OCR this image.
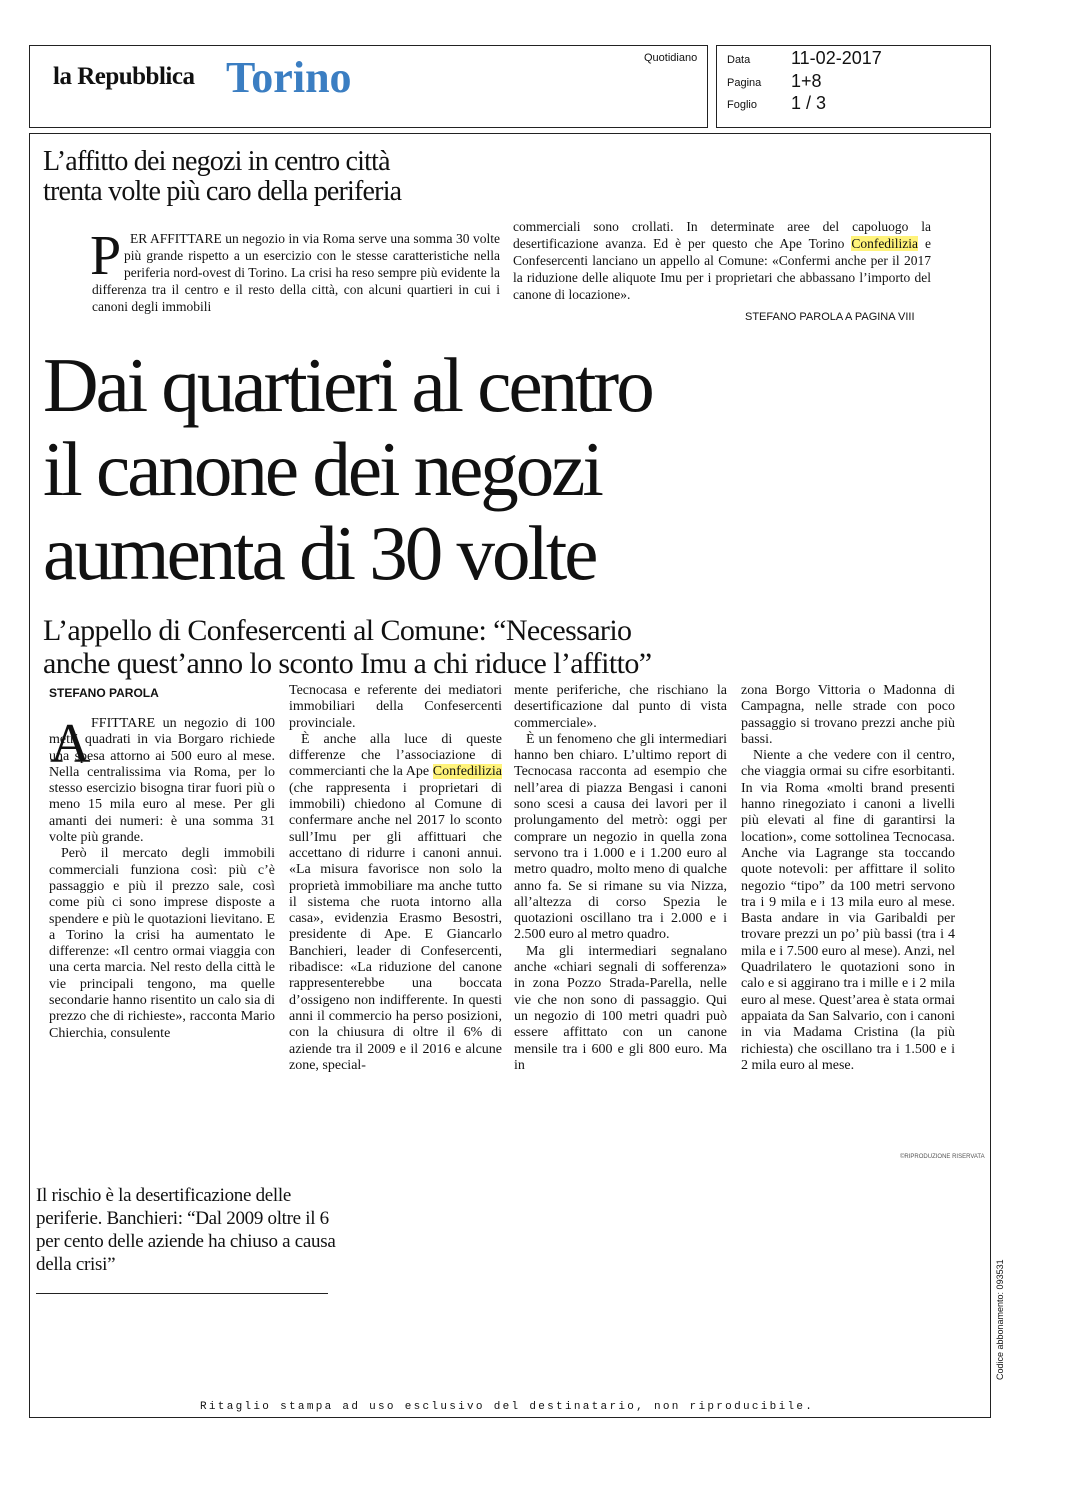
la Repubblica Torino	Quotidiano	Data 11-02-2017
Pagina 1+8
Foglio 1 / 3
L’affitto dei negozi in centro città
trenta volte più caro della periferia
P ER AFFITTARE un negozio in via Roma serve una somma 30 volte più grande rispetto a un esercizio con le stesse caratteristiche nella periferia nord-ovest di Torino. La crisi ha reso sempre più evidente la differenza tra il centro e il resto della città, con alcuni quartieri in cui i canoni degli immobili
commerciali sono crollati. In determinate aree del capoluogo la desertificazione avanza. Ed è per questo che Ape Torino Confedilizia e Confesercenti lanciano un appello al Comune: «Confermi anche per il 2017 la riduzione delle aliquote Imu per i proprietari che abbassano l’importo del canone di locazione».
STEFANO PAROLA A PAGINA VIII
Dai quartieri al centro
il canone dei negozi
aumenta di 30 volte
L’appello di Confesercenti al Comune: “Necessario
anche quest’anno lo sconto Imu a chi riduce l’affitto”
STEFANO PAROLA
A FFITTARE un negozio di 100 metri quadrati in via Borgaro richiede una spesa attorno ai 500 euro al mese. Nella centralissima via Roma, per lo stesso esercizio bisogna tirar fuori più o meno 15 mila euro al mese. Per gli amanti dei numeri: è una somma 31 volte più grande.

Però il mercato degli immobili commerciali funziona così: più c’è passaggio e più il prezzo sale, così come più ci sono imprese disposte a spendere e più le quotazioni lievitano. E a Torino la crisi ha aumentato le differenze: «Il centro ormai viaggia con una certa marcia. Nel resto della città le vie principali tengono, ma quelle secondarie hanno risentito un calo sia di prezzo che di richieste», racconta Mario Chierchia, consulente

Tecnocasa e referente dei mediatori immobiliari della Confesercenti provinciale.

È anche alla luce di queste differenze che l’associazione di commercianti che la Ape Confedilizia (che rappresenta i proprietari di immobili) chiedono al Comune di confermare anche nel 2017 lo sconto sull’Imu per gli affittuari che accettano di ridurre i canoni annui. «La misura favorisce non solo la proprietà immobiliare ma anche tutto il sistema che ruota intorno alla casa», evidenzia Erasmo Besostri, presidente di Ape. E Giancarlo Banchieri, leader di Confesercenti, ribadisce: «La riduzione del canone rappresenterebbe una boccata d’ossigeno non indifferente. In questi anni il commercio ha perso posizioni, con la chiusura di oltre il 6% di aziende tra il 2009 e il 2016 e alcune zone, special-

mente periferiche, che rischiano la desertificazione dal punto di vista commerciale».

È un fenomeno che gli intermediari hanno ben chiaro. L’ultimo report di Tecnocasa racconta ad esempio che nell’area di piazza Bengasi i canoni sono scesi a causa dei lavori per il prolungamento del metrò: oggi per comprare un negozio in quella zona servono tra i 1.000 e i 1.200 euro al metro quadro, molto meno di qualche anno fa. Se si rimane su via Nizza, all’altezza di corso Spezia le quotazioni oscillano tra i 2.000 e i 2.500 euro al metro quadro.

Ma gli intermediari segnalano anche «chiari segnali di sofferenza» in zona Pozzo Strada-Parella, nelle vie che non sono di passaggio. Qui un negozio di 100 metri quadri può essere affittato con un canone mensile tra i 600 e gli 800 euro. Ma in

zona Borgo Vittoria o Madonna di Campagna, nelle strade con poco passaggio si trovano prezzi anche più bassi.

Niente a che vedere con il centro, che viaggia ormai su cifre esorbitanti. In via Roma «molti brand presenti hanno rinegoziato i canoni a livelli più elevati al fine di garantirsi la location», come sottolinea Tecnocasa. Anche via Lagrange sta toccando quote notevoli: per affittare il solito negozio “tipo” da 100 metri servono tra i 9 mila e i 13 mila euro al mese. Basta andare in via Garibaldi per trovare prezzi un po’ più bassi (tra i 4 mila e i 7.500 euro al mese). Anzi, nel Quadrilatero le quotazioni sono in calo e si aggirano tra i mille e i 2 mila euro al mese. Quest’area è stata ormai appaiata da San Salvario, con i canoni in via Madama Cristina (la più richiesta) che oscillano tra i 1.500 e i 2 mila euro al mese.

©RIPRODUZIONE RISERVATA
Il rischio è la desertificazione delle periferie. Banchieri: “Dal 2009 oltre il 6 per cento delle aziende ha chiuso a causa della crisi”
Ritaglio stampa ad uso esclusivo del destinatario, non riproducibile.
Codice abbonamento: 093531
